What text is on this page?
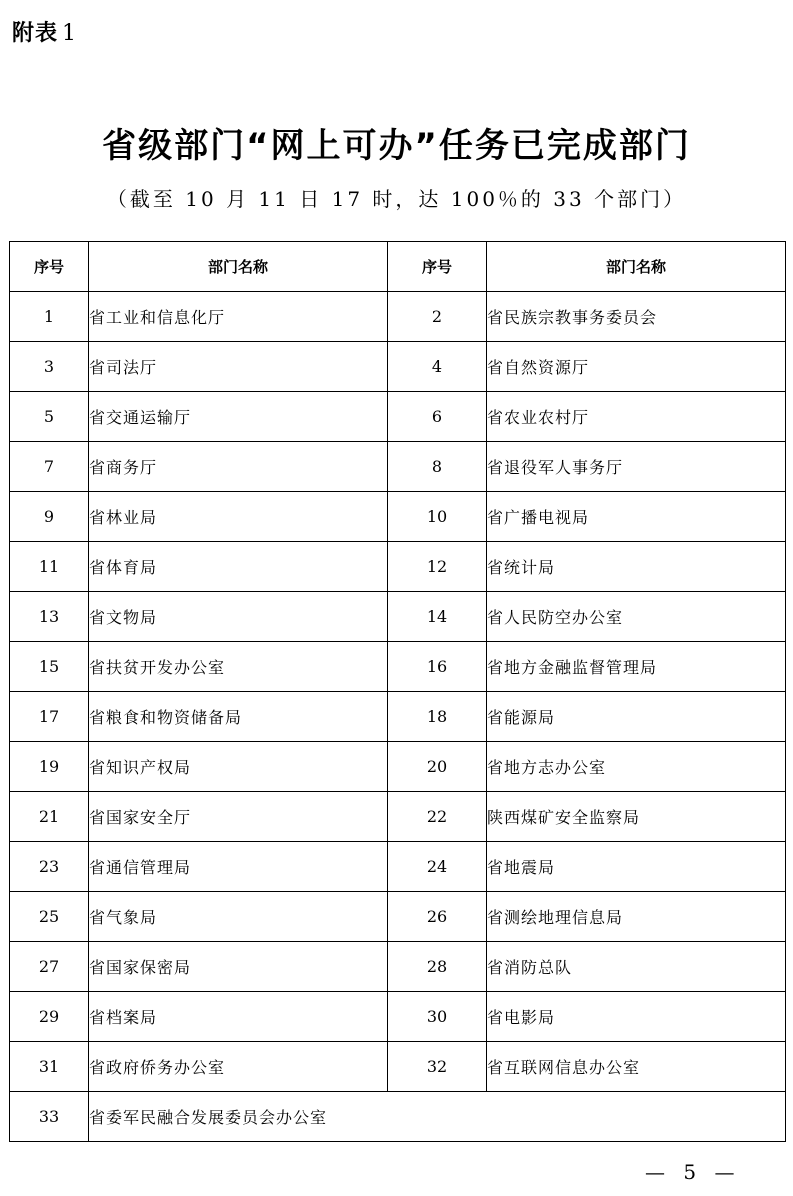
附表 1
省级部门“网上可办”任务已完成部门
（截至 10 月 11 日 17 时，达 100％的 33 个部门）
序号	部门名称	序号	部门名称
1	省工业和信息化厅	2	省民族宗教事务委员会
3	省司法厅	4	省自然资源厅
5	省交通运输厅	6	省农业农村厅
7	省商务厅	8	省退役军人事务厅
9	省林业局	10	省广播电视局
11	省体育局	12	省统计局
13	省文物局	14	省人民防空办公室
15	省扶贫开发办公室	16	省地方金融监督管理局
17	省粮食和物资储备局	18	省能源局
19	省知识产权局	20	省地方志办公室
21	省国家安全厅	22	陕西煤矿安全监察局
23	省通信管理局	24	省地震局
25	省气象局	26	省测绘地理信息局
27	省国家保密局	28	省消防总队
29	省档案局	30	省电影局
31	省政府侨务办公室	32	省互联网信息办公室
33	省委军民融合发展委员会办公室		
— 5 —
